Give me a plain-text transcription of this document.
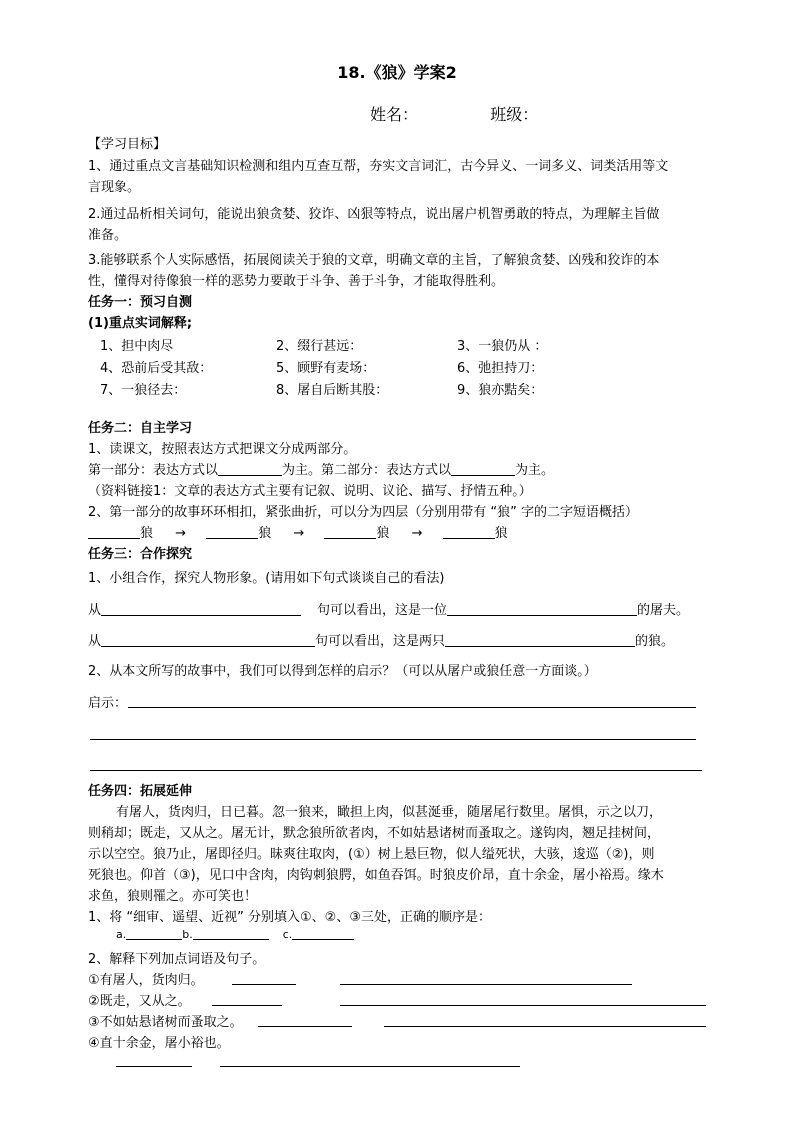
18.《狼》学案2
姓名：	班级：
【学习目标】
1、通过重点文言基础知识检测和组内互查互帮，夯实文言词汇，古今异义、一词多义、词类活用等文
言现象。
2.通过品析相关词句，能说出狼贪婪、狡诈、凶狠等特点，说出屠户机智勇敢的特点，为理解主旨做
准备。
3.能够联系个人实际感悟，拓展阅读关于狼的文章，明确文章的主旨，了解狼贪婪、凶残和狡诈的本
性，懂得对待像狼一样的恶势力要敢于斗争、善于斗争，才能取得胜利。
任务一：预习自测
(1)重点实词解释;
1、担中肉尽	2、缀行甚远：	3、一狼仍从 ：
4、恐前后受其敌：	5、顾野有麦场：	6、弛担持刀：
7、一狼径去：	8、屠自后断其股：	9、狼亦黠矣：
任务二：自主学习
1、读课文，按照表达方式把课文分成两部分。
第一部分：表达方式以	为主。第二部分：表达方式以	为主。
（资料链接1：文章的表达方式主要有记叙、说明、议论、描写、抒情五种。）
2、第一部分的故事环环相扣，紧张曲折，可以分为四层（分别用带有 “狼” 字的二字短语概括）
狼 →	狼 →	狼 →	狼
任务三：合作探究
1、小组合作，探究人物形象。(请用如下句式谈谈自己的看法)
从	句可以看出，这是一位	的屠夫。
从	句可以看出，这是两只	的狼。
2、从本文所写的故事中，我们可以得到怎样的启示？（可以从屠户或狼任意一方面谈。）
启示：
任务四：拓展延伸
有屠人，货肉归，日已暮。忽一狼来，瞰担上肉，似甚涎垂，随屠尾行数里。屠惧，示之以刀，
则稍却；既走，又从之。屠无计，默念狼所欲者肉，不如姑悬诸树而蚤取之。遂钩肉，翘足挂树间，
示以空空。狼乃止，屠即径归。昧爽往取肉，(①）树上悬巨物，似人缢死状，大骇，逡巡（②)，则
死狼也。仰首（③)，见口中含肉，肉钩刺狼腭，如鱼吞饵。时狼皮价昂，直十余金，屠小裕焉。缘木
求鱼，狼则罹之。亦可笑也！
1、将 “细审、遥望、近视” 分别填入①、②、③三处，正确的顺序是：
a.	b.	c.
2、解释下列加点词语及句子。
①有屠人，货肉归。
②既走，又从之。
③不如姑悬诸树而蚤取之。
④直十余金，屠小裕也。
